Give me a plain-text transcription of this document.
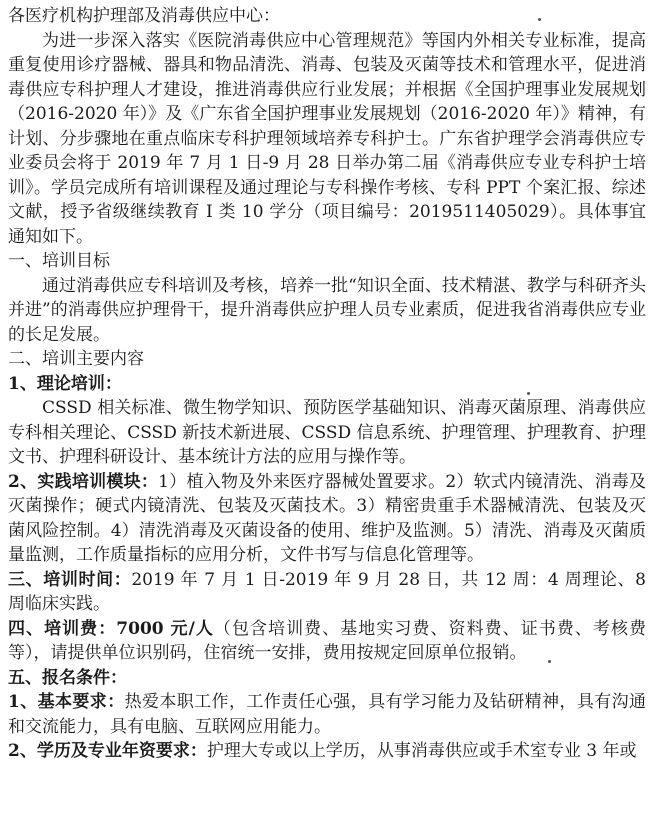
各医疗机构护理部及消毒供应中心：

为进一步深入落实《医院消毒供应中心管理规范》等国内外相关专业标准，提高重复使用诊疗器械、器具和物品清洗、消毒、包装及灭菌等技术和管理水平，促进消毒供应专科护理人才建设，推进消毒供应行业发展；并根据《全国护理事业发展规划（2016-2020 年）》及《广东省全国护理事业发展规划（2016-2020 年）》精神，有计划、分步骤地在重点临床专科护理领域培养专科护士。广东省护理学会消毒供应专业委员会将于 2019 年 7 月 1 日-9 月 28 日举办第二届《消毒供应专业专科护士培训》。学员完成所有培训课程及通过理论与专科操作考核、专科 PPT 个案汇报、综述文献，授予省级继续教育 I 类 10 学分（项目编号：2019511405029）。具体事宜通知如下。

一、培训目标

通过消毒供应专科培训及考核，培养一批“知识全面、技术精湛、教学与科研齐头并进”的消毒供应护理骨干，提升消毒供应护理人员专业素质，促进我省消毒供应专业的长足发展。

二、培训主要内容

1、理论培训：

CSSD 相关标准、微生物学知识、预防医学基础知识、消毒灭菌原理、消毒供应专科相关理论、CSSD 新技术新进展、CSSD 信息系统、护理管理、护理教育、护理文书、护理科研设计、基本统计方法的应用与操作等。

2、实践培训模块：1）植入物及外来医疗器械处置要求。2）软式内镜清洗、消毒及灭菌操作；硬式内镜清洗、包装及灭菌技术。3）精密贵重手术器械清洗、包装及灭菌风险控制。4）清洗消毒及灭菌设备的使用、维护及监测。5）清洗、消毒及灭菌质量监测，工作质量指标的应用分析，文件书写与信息化管理等。

三、培训时间：2019 年 7 月 1 日-2019 年 9 月 28 日，共 12 周：4 周理论、8 周临床实践。

四、培训费：7000 元/人（包含培训费、基地实习费、资料费、证书费、考核费等），请提供单位识别码，住宿统一安排，费用按规定回原单位报销。

五、报名条件：

1、基本要求：热爱本职工作，工作责任心强，具有学习能力及钻研精神，具有沟通和交流能力，具有电脑、互联网应用能力。

2、学历及专业年资要求：护理大专或以上学历，从事消毒供应或手术室专业 3 年或
